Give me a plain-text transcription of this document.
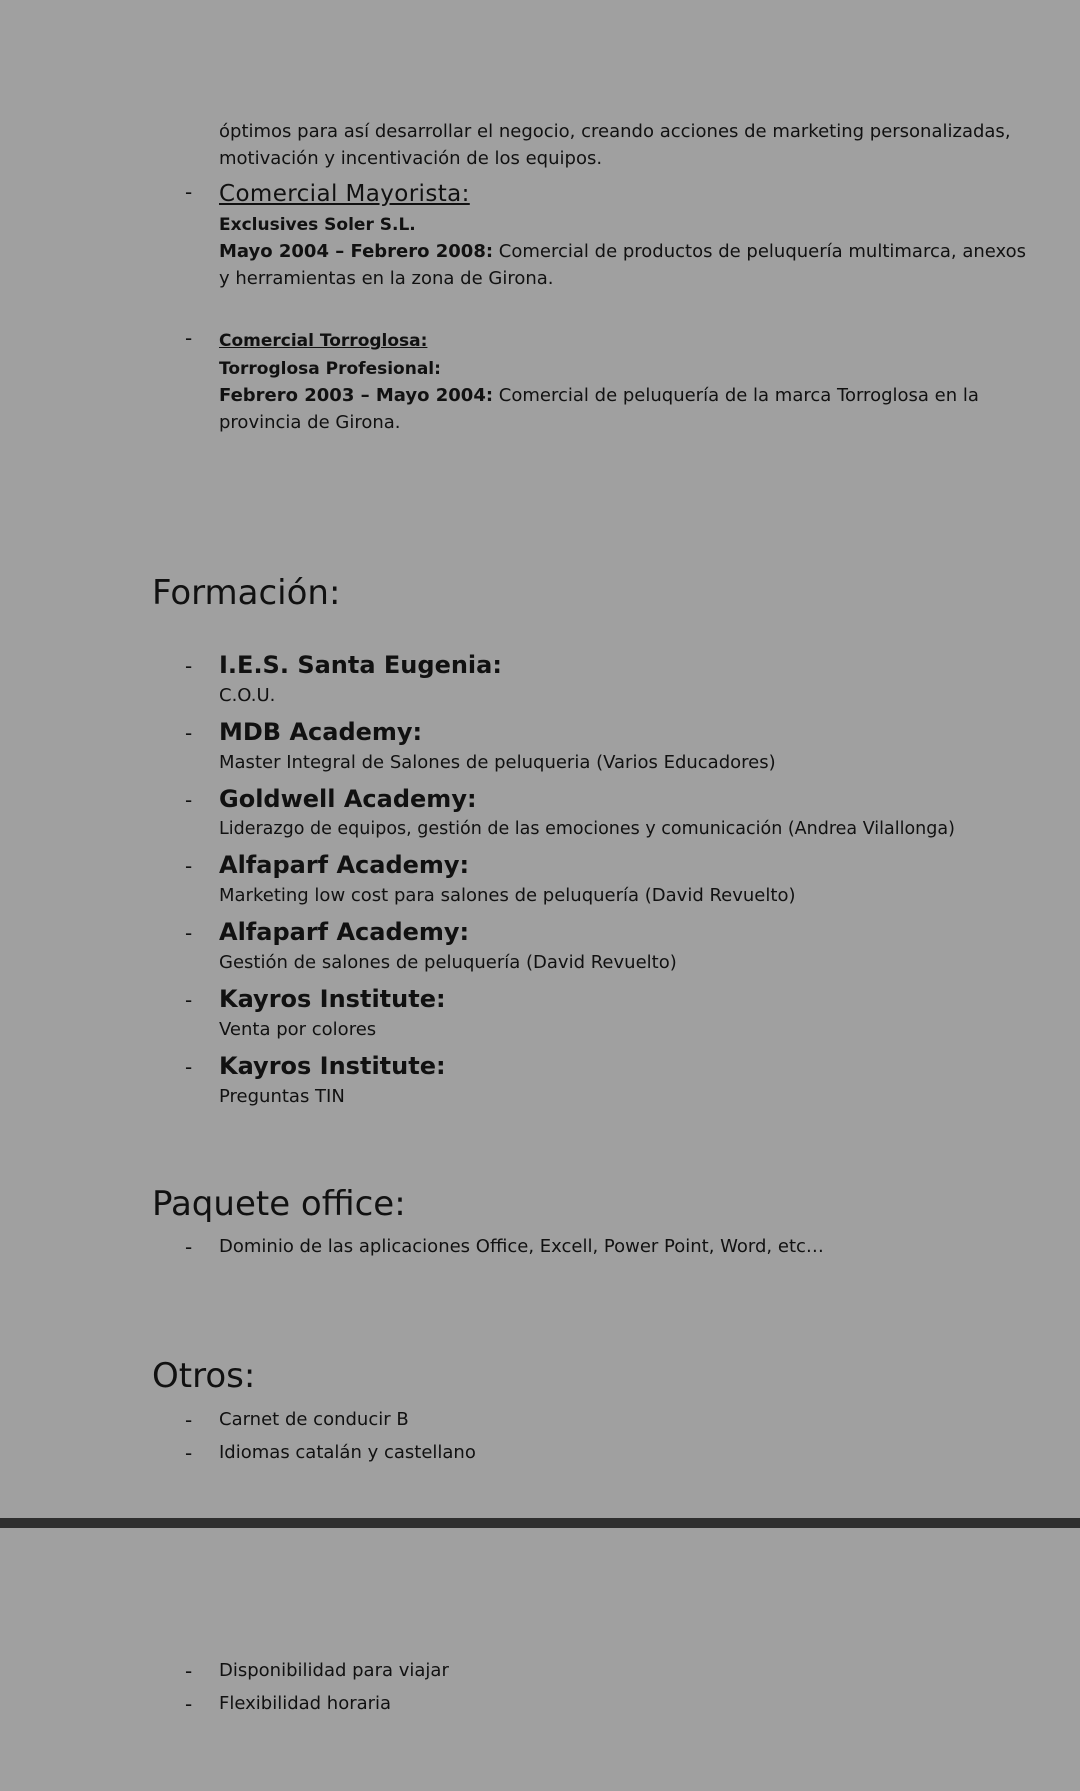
óptimos para así desarrollar el negocio, creando acciones de marketing personalizadas,
motivación y incentivación de los equipos.
- Comercial Mayorista:
Exclusives Soler S.L.
Mayo 2004 – Febrero 2008: Comercial de productos de peluquería multimarca, anexos
y herramientas en la zona de Girona.
- Comercial Torroglosa:
Torroglosa Profesional:
Febrero 2003 – Mayo 2004: Comercial de peluquería de la marca Torroglosa en la
provincia de Girona.
Formación:
- I.E.S. Santa Eugenia:
C.O.U.
- MDB Academy:
Master Integral de Salones de peluqueria (Varios Educadores)
- Goldwell Academy:
Liderazgo de equipos, gestión de las emociones y comunicación (Andrea Vilallonga)
- Alfaparf Academy:
Marketing low cost para salones de peluquería (David Revuelto)
- Alfaparf Academy:
Gestión de salones de peluquería (David Revuelto)
- Kayros Institute:
Venta por colores
- Kayros Institute:
Preguntas TIN
Paquete office:
- Dominio de las aplicaciones Office, Excell, Power Point, Word, etc…
Otros:
- Carnet de conducir B
- Idiomas catalán y castellano
- Disponibilidad para viajar
- Flexibilidad horaria
